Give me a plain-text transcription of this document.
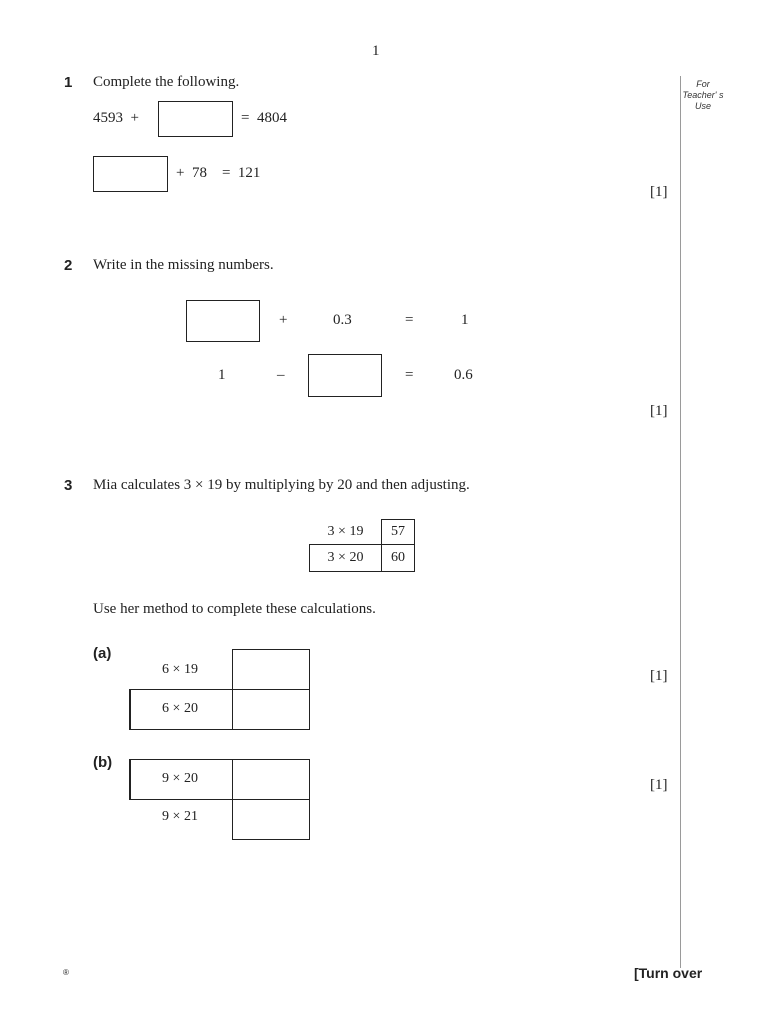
1
For Teacher' s Use
1 Complete the following.
4593  +	=  4804
+  78    =  121
[1]
2 Write in the missing numbers.
+	0.3	=	1
1	–	=	0.6
[1]
3 Mia calculates 3 × 19 by multiplying by 20 and then adjusting.
3 × 19	57
3 × 20	60
Use her method to complete these calculations.
(a)
6 × 19
6 × 20
[1]
(b)
9 × 20
9 × 21
[1]
®	[Turn over
